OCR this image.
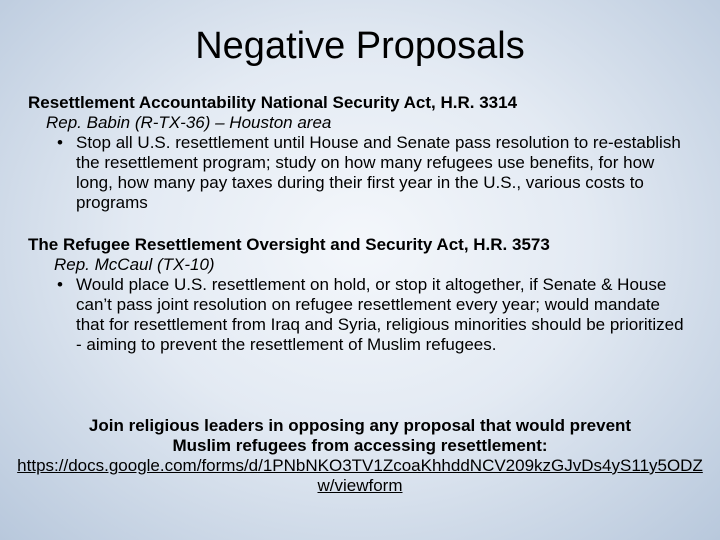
Negative Proposals
Resettlement Accountability National Security Act, H.R. 3314
Rep. Babin (R-TX-36) – Houston area
• Stop all U.S. resettlement until House and Senate pass resolution to re-establish the resettlement program; study on how many refugees use benefits, for how long, how many pay taxes during their first year in the U.S., various costs to programs
The Refugee Resettlement Oversight and Security Act, H.R. 3573
Rep. McCaul (TX-10)
• Would place U.S. resettlement on hold, or stop it altogether, if Senate & House can’t pass joint resolution on refugee resettlement every year; would mandate that for resettlement from Iraq and Syria, religious minorities should be prioritized - aiming to prevent the resettlement of Muslim refugees.
Join religious leaders in opposing any proposal that would prevent Muslim refugees from accessing resettlement:
https://docs.google.com/forms/d/1PNbNKO3TV1ZcoaKhhddNCV209kzGJvDs4yS11y5ODZw/viewform
